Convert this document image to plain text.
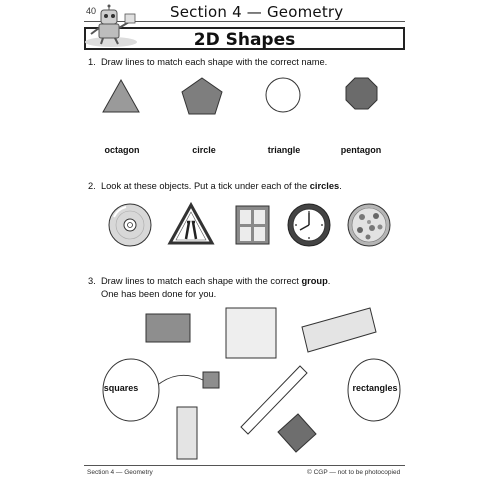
40	Section 4 — Geometry
2D Shapes
1. Draw lines to match each shape with the correct name.
octagon	circle	triangle	pentagon
2. Look at these objects. Put a tick under each of the circles.
3. Draw lines to match each shape with the correct group.
One has been done for you.
squares	rectangles
Section 4 — Geometry	© CGP — not to be photocopied
